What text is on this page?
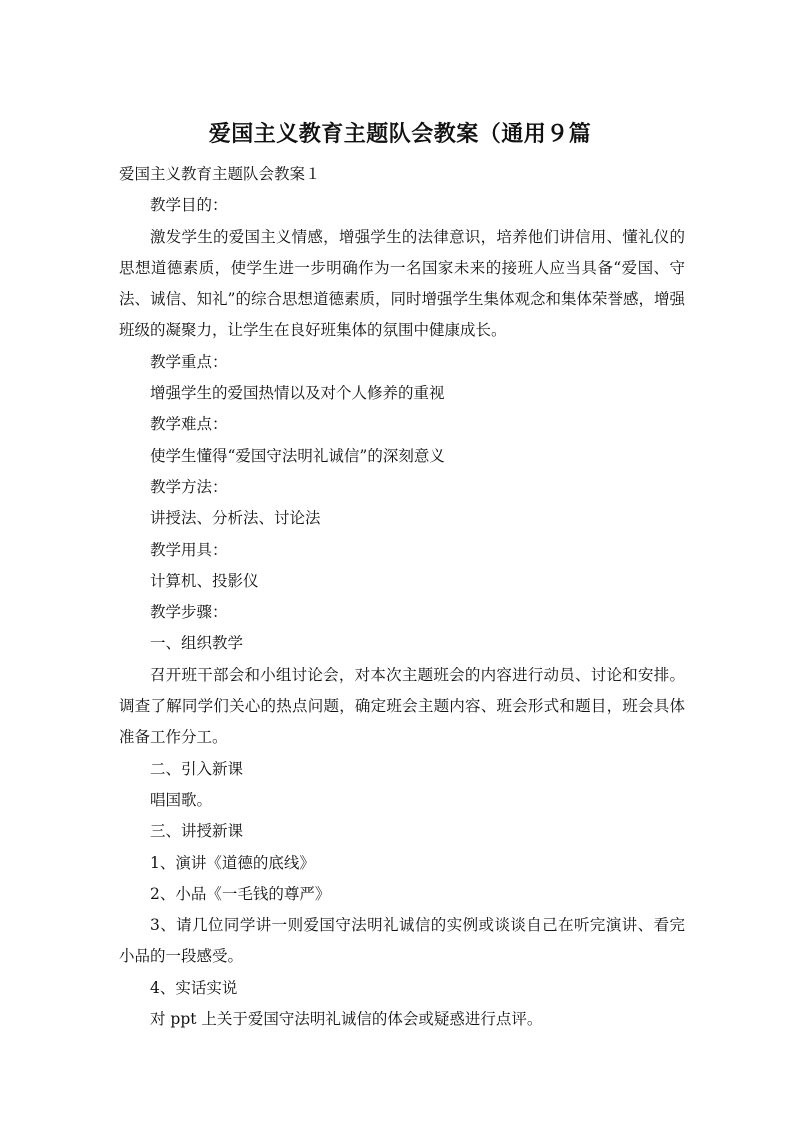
爱国主义教育主题队会教案（通用９篇

爱国主义教育主题队会教案１

教学目的：

激发学生的爱国主义情感，增强学生的法律意识，培养他们讲信用、懂礼仪的思想道德素质，使学生进一步明确作为一名国家未来的接班人应当具备“爱国、守法、诚信、知礼”的综合思想道德素质，同时增强学生集体观念和集体荣誉感，增强班级的凝聚力，让学生在良好班集体的氛围中健康成长。

教学重点：

增强学生的爱国热情以及对个人修养的重视

教学难点：

使学生懂得“爱国守法明礼诚信”的深刻意义

教学方法：

讲授法、分析法、讨论法

教学用具：

计算机、投影仪

教学步骤：

一、组织教学

召开班干部会和小组讨论会，对本次主题班会的内容进行动员、讨论和安排。调查了解同学们关心的热点问题，确定班会主题内容、班会形式和题目，班会具体准备工作分工。

二、引入新课

唱国歌。

三、讲授新课

1、演讲《道德的底线》

2、小品《一毛钱的尊严》

3、请几位同学讲一则爱国守法明礼诚信的实例或谈谈自己在听完演讲、看完小品的一段感受。

4、实话实说

对 ppt 上关于爱国守法明礼诚信的体会或疑惑进行点评。
